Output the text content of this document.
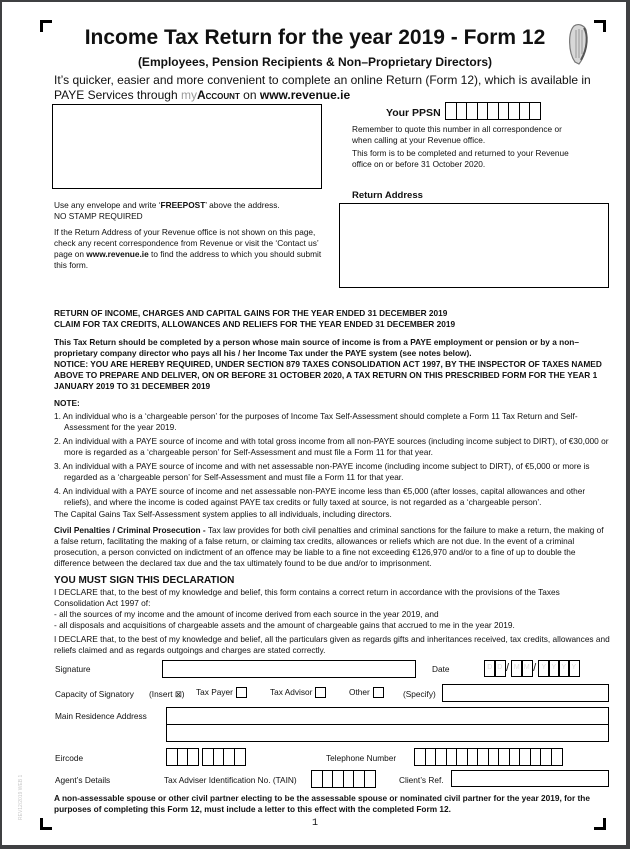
Income Tax Return for the year 2019 - Form 12
(Employees, Pension Recipients & Non–Proprietary Directors)
It’s quicker, easier and more convenient to complete an online Return (Form 12), which is available in PAYE Services through myAccount on www.revenue.ie
Your PPSN
Remember to quote this number in all correspondence or when calling at your Revenue office.
This form is to be completed and returned to your Revenue office on or before 31 October 2020.
Return Address
Use any envelope and write ‘FREEPOST’ above the address.
NO STAMP REQUIRED
If the Return Address of your Revenue office is not shown on this page, check any recent correspondence from Revenue or visit the ‘Contact us’ page on www.revenue.ie to find the address to which you should submit this form.
RETURN OF INCOME, CHARGES AND CAPITAL GAINS FOR THE YEAR ENDED 31 DECEMBER 2019
CLAIM FOR TAX CREDITS, ALLOWANCES AND RELIEFS FOR THE YEAR ENDED 31 DECEMBER 2019
This Tax Return should be completed by a person whose main source of income is from a PAYE employment or pension or by a non–proprietary company director who pays all his / her Income Tax under the PAYE system (see notes below).
NOTICE: YOU ARE HEREBY REQUIRED, UNDER SECTION 879 TAXES CONSOLIDATION ACT 1997, BY THE INSPECTOR OF TAXES NAMED ABOVE TO PREPARE AND DELIVER, ON OR BEFORE 31 OCTOBER 2020, A TAX RETURN ON THIS PRESCRIBED FORM FOR THE YEAR 1 JANUARY 2019 TO 31 DECEMBER 2019
NOTE:
1. An individual who is a ‘chargeable person’ for the purposes of Income Tax Self-Assessment should complete a Form 11 Tax Return and Self-Assessment for the year 2019.
2. An individual with a PAYE source of income and with total gross income from all non-PAYE sources (including income subject to DIRT), of €30,000 or more is regarded as a ‘chargeable person’ for Self-Assessment and must file a Form 11 for that year.
3. An individual with a PAYE source of income and with net assessable non-PAYE income (including income subject to DIRT), of €5,000 or more is regarded as a ‘chargeable person’ for Self-Assessment and must file a Form 11 for that year.
4. An individual with a PAYE source of income and net assessable non-PAYE income less than €5,000 (after losses, capital allowances and other reliefs), and where the income is coded against PAYE tax credits or fully taxed at source, is not regarded as a ‘chargeable person’.
The Capital Gains Tax Self-Assessment system applies to all individuals, including directors.
Civil Penalties / Criminal Prosecution - Tax law provides for both civil penalties and criminal sanctions for the failure to make a return, the making of a false return, facilitating the making of a false return, or claiming tax credits, allowances or reliefs which are not due. In the event of a criminal prosecution, a person convicted on indictment of an offence may be liable to a fine not exceeding €126,970 and/or to a fine of up to double the difference between the declared tax due and the tax ultimately found to be due and/or to imprisonment.
YOU MUST SIGN THIS DECLARATION
I DECLARE that, to the best of my knowledge and belief, this form contains a correct return in accordance with the provisions of the Taxes Consolidation Act 1997 of:
- all the sources of my income and the amount of income derived from each source in the year 2019, and
- all disposals and acquisitions of chargeable assets and the amount of chargeable gains that accrued to me in the year 2019.
I DECLARE that, to the best of my knowledge and belief, all the particulars given as regards gifts and inheritances received, tax credits, allowances and reliefs claimed and as regards outgoings and charges are stated correctly.
Signature	Date	D D / M M / Y Y Y Y
Capacity of Signatory (Insert ⊠) Tax Payer	Tax Advisor	Other	(Specify)
Main Residence Address
Eircode	Telephone Number
Agent’s Details	Tax Adviser Identification No. (TAIN)	Client’s Ref.
A non-assessable spouse or other civil partner electing to be the assessable spouse or nominated civil partner for the year 2019, for the purposes of completing this Form 12, must include a letter to this effect with the completed Form 12.
1
REV12/2019 WEB 1
